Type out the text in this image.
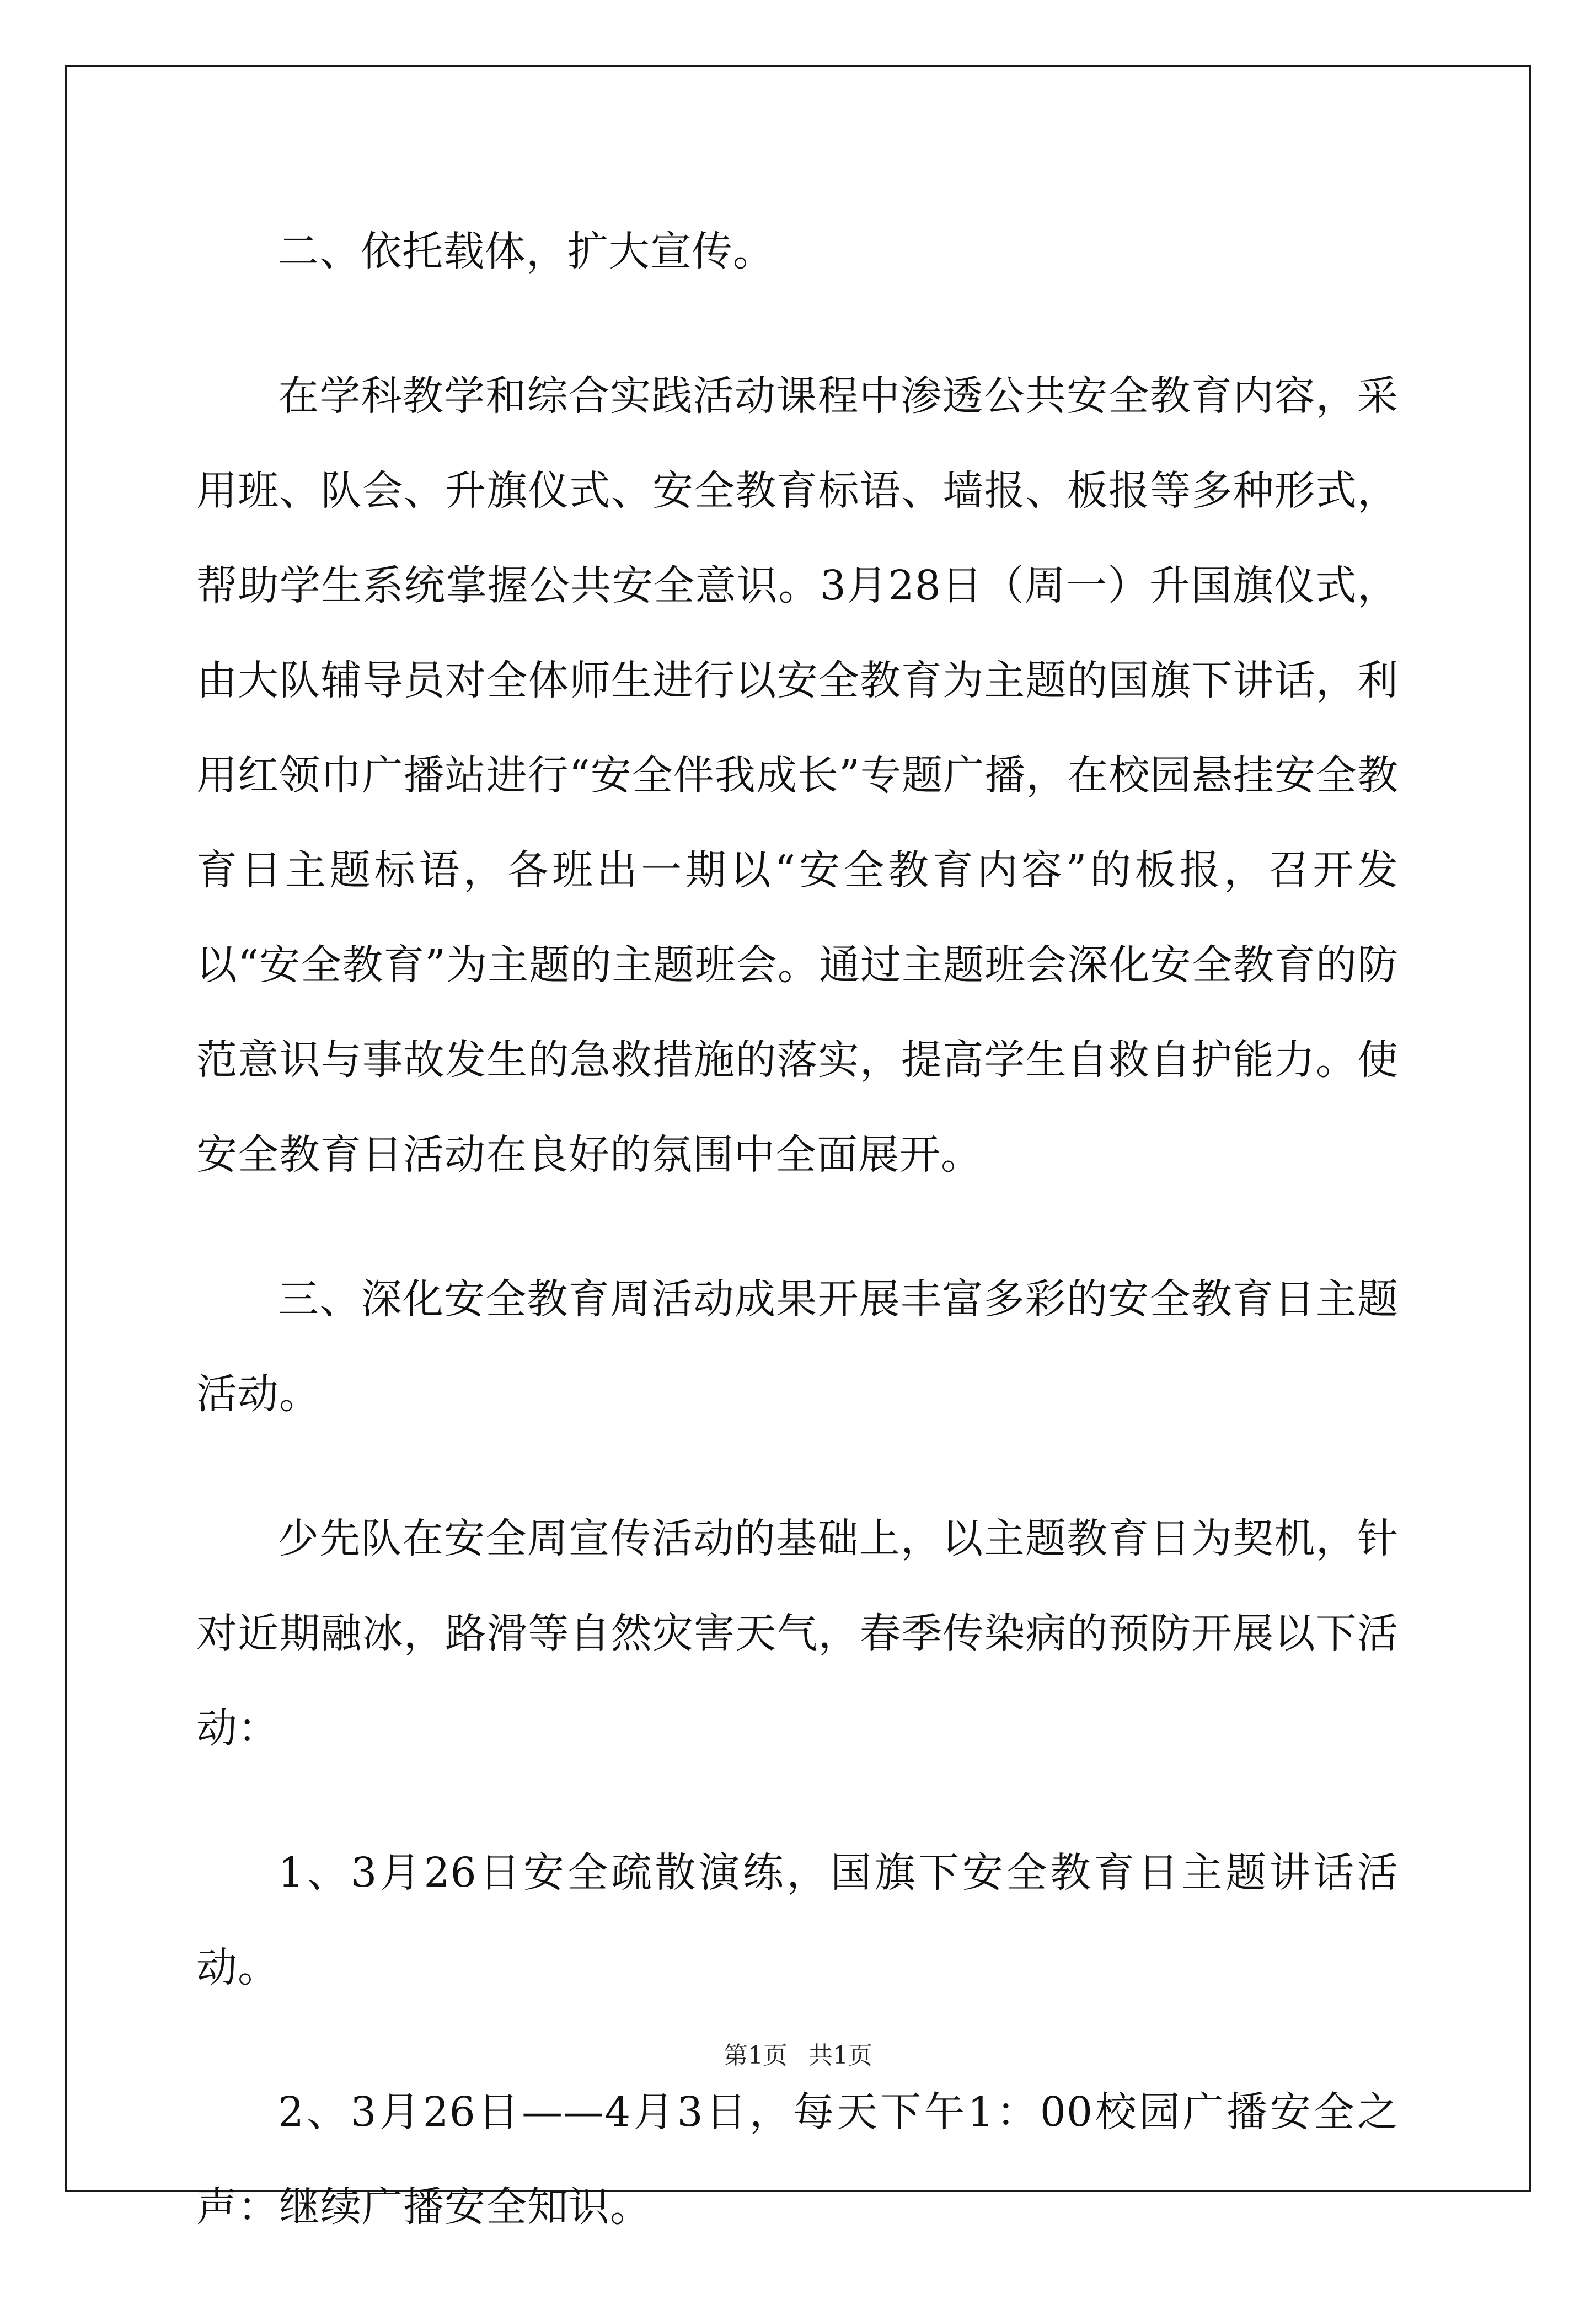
二、依托载体，扩大宣传。

在学科教学和综合实践活动课程中渗透公共安全教育内容，采用班、队会、升旗仪式、安全教育标语、墙报、板报等多种形式，帮助学生系统掌握公共安全意识。3月28日（周一）升国旗仪式，由大队辅导员对全体师生进行以安全教育为主题的国旗下讲话，利用红领巾广播站进行“安全伴我成长”专题广播，在校园悬挂安全教育日主题标语，各班出一期以“安全教育内容”的板报，召开发以“安全教育”为主题的主题班会。通过主题班会深化安全教育的防范意识与事故发生的急救措施的落实，提高学生自救自护能力。使安全教育日活动在良好的氛围中全面展开。

三、深化安全教育周活动成果开展丰富多彩的安全教育日主题活动。

少先队在安全周宣传活动的基础上，以主题教育日为契机，针对近期融冰，路滑等自然灾害天气，春季传染病的预防开展以下活动：

1、3月26日安全疏散演练，国旗下安全教育日主题讲话活动。

2、3月26日——4月3日，每天下午1：00校园广播安全之声：继续广播安全知识。

第1页 共1页
